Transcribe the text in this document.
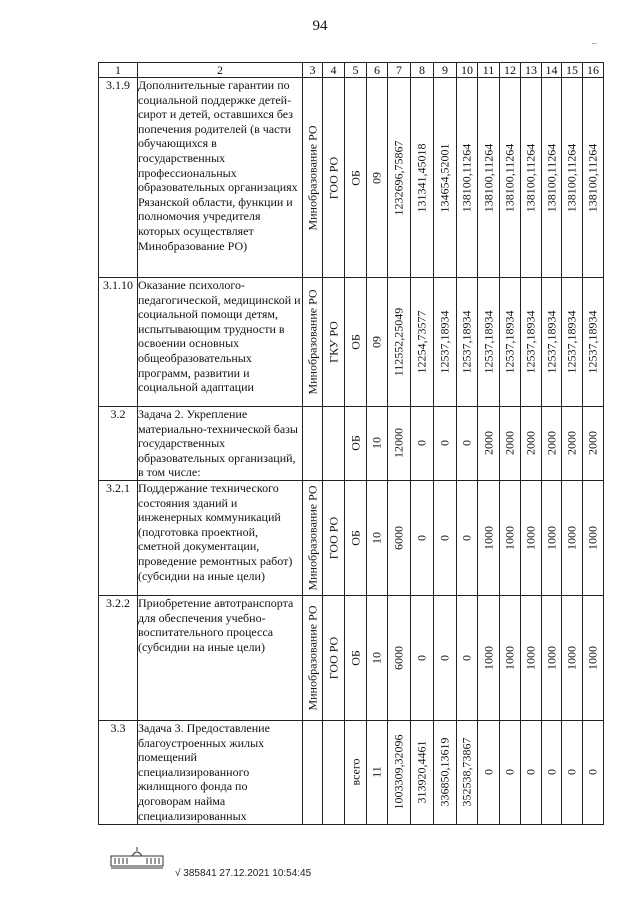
94
–
1	2	3	4	5	6	7	8	9	10	11	12	13	14	15	16
3.1.9	Дополнительные гарантии по социальной поддержке детей-сирот и детей, оставшихся без попечения родителей (в части обучающихся в государственных профессиональных образовательных организациях Рязанской области, функции и полномочия учредителя которых осуществляет Минобразование РО)	Минобразование РО	ГОО РО	ОБ	09	1232696,75867	131341,45018	134654,52001	138100,11264	138100,11264	138100,11264	138100,11264	138100,11264	138100,11264	138100,11264

3.1.10	Оказание психолого-педагогической, медицинской и социальной помощи детям, испытывающим трудности в освоении основных общеобразовательных программ, развитии и социальной адаптации	Минобразование РО	ГКУ РО	ОБ	09	112552,25049	12254,73577	12537,18934	12537,18934	12537,18934	12537,18934	12537,18934	12537,18934	12537,18934	12537,18934

3.2	Задача 2. Укрепление материально-технической базы государственных образовательных организаций, в том числе:			ОБ	10	12000	0	0	0	2000	2000	2000	2000	2000	2000

3.2.1	Поддержание технического состояния зданий и инженерных коммуникаций (подготовка проектной, сметной документации, проведение ремонтных работ) (субсидии на иные цели)	Минобразование РО	ГОО РО	ОБ	10	6000	0	0	0	1000	1000	1000	1000	1000	1000

3.2.2	Приобретение автотранспорта для обеспечения учебно-воспитательного процесса (субсидии на иные цели)	Минобразование РО	ГОО РО	ОБ	10	6000	0	0	0	1000	1000	1000	1000	1000	1000

3.3	Задача 3. Предоставление благоустроенных жилых помещений специализированного жилищного фонда по договорам найма специализированных			всего	11	1003309,32096	313920,4461	336850,13619	352538,73867	0	0	0	0	0	0
√ 385841 27.12.2021 10:54:45
